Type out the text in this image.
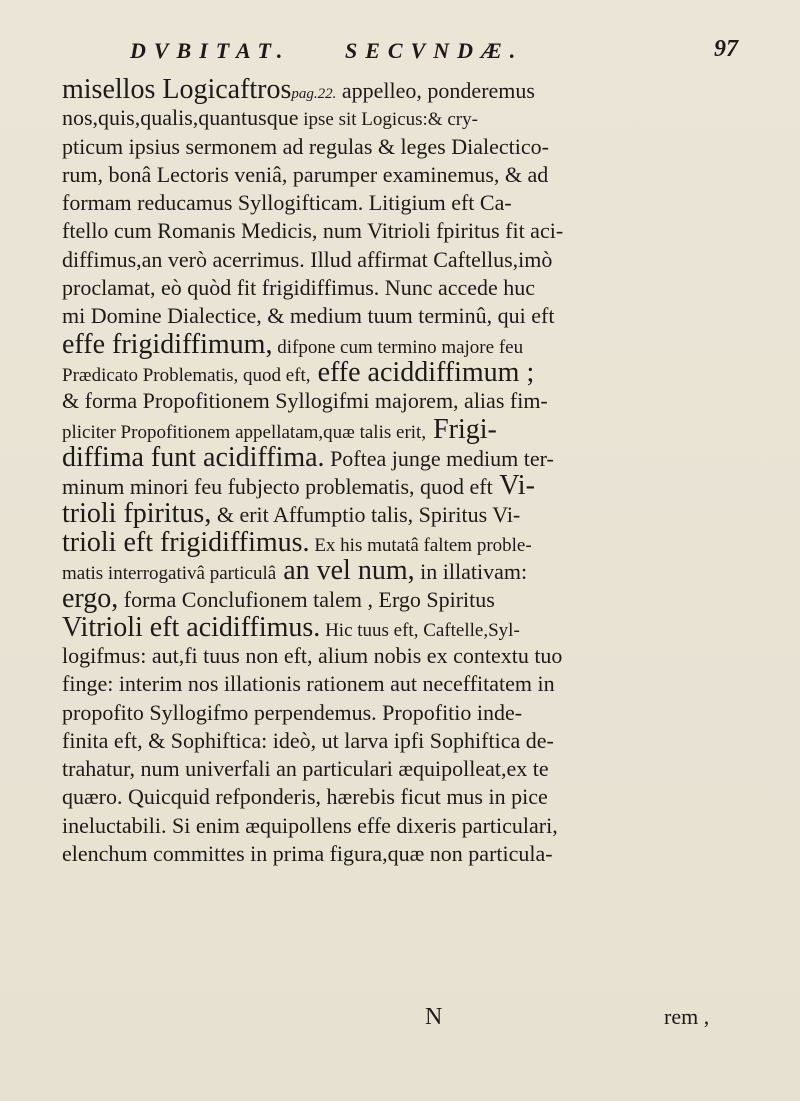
DVBITAT. SECVNDÆ.	97
misellos Logicaftrospag.22. appelleo, ponderemus
nos,quis,qualis,quantusque ipse sit Logicus:& cry-
pticum ipsius sermonem ad regulas & leges Dialectico-
rum, bonâ Lectoris veniâ, parumper examinemus, & ad
formam reducamus Syllogifticam. Litigium eft Ca-
ftello cum Romanis Medicis, num Vitrioli fpiritus fit aci-
diffimus,an verò acerrimus. Illud affirmat Caftellus,imò
proclamat, eò quòd fit frigidiffimus. Nunc accede huc
mi Domine Dialectice, & medium tuum terminû, qui eft
effe frigidiffimum, difpone cum termino majore feu
Prædicato Problematis, quod eft, effe aciddiffimum ;
& forma Propofitionem Syllogifmi majorem, alias fim-
pliciter Propofitionem appellatam,quæ talis erit, Frigi-
diffima funt acidiffima. Poftea junge medium ter-
minum minori feu fubjecto problematis, quod eft Vi-
trioli fpiritus, & erit Affumptio talis, Spiritus Vi-
trioli eft frigidiffimus. Ex his mutatâ faltem proble-
matis interrogativâ particulâ an vel num, in illativam:
ergo, forma Conclufionem talem , Ergo Spiritus
Vitrioli eft acidiffimus. Hic tuus eft, Caftelle,Syl-
logifmus: aut,fi tuus non eft, alium nobis ex contextu tuo
finge: interim nos illationis rationem aut neceffitatem in
propofito Syllogifmo perpendemus. Propofitio inde-
finita eft, & Sophiftica: ideò, ut larva ipfi Sophiftica de-
trahatur, num univerfali an particulari æquipolleat,ex te
quæro. Quicquid refponderis, hærebis ficut mus in pice
ineluctabili. Si enim æquipollens effe dixeris particulari,
elenchum committes in prima figura,quæ non particula-
N	rem ,
